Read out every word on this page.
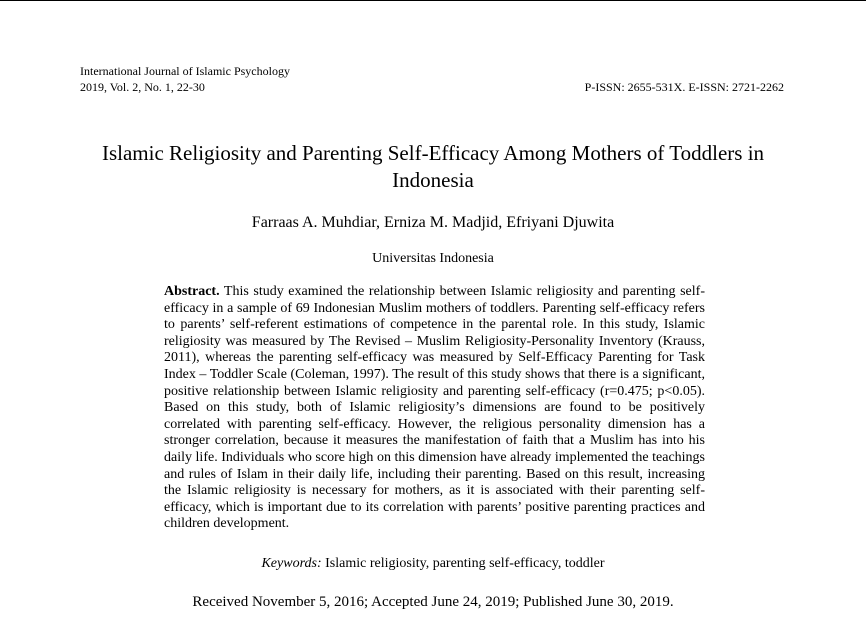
International Journal of Islamic Psychology
2019, Vol. 2, No. 1, 22-30	P-ISSN: 2655-531X. E-ISSN: 2721-2262
Islamic Religiosity and Parenting Self-Efficacy Among Mothers of Toddlers in Indonesia
Farraas A. Muhdiar, Erniza M. Madjid, Efriyani Djuwita
Universitas Indonesia

Abstract. This study examined the relationship between Islamic religiosity and parenting self-efficacy in a sample of 69 Indonesian Muslim mothers of toddlers. Parenting self-efficacy refers to parents’ self-referent estimations of competence in the parental role. In this study, Islamic religiosity was measured by The Revised – Muslim Religiosity-Personality Inventory (Krauss, 2011), whereas the parenting self-efficacy was measured by Self-Efficacy Parenting for Task Index – Toddler Scale (Coleman, 1997). The result of this study shows that there is a significant, positive relationship between Islamic religiosity and parenting self-efficacy (r=0.475; p<0.05). Based on this study, both of Islamic religiosity’s dimensions are found to be positively correlated with parenting self-efficacy. However, the religious personality dimension has a stronger correlation, because it measures the manifestation of faith that a Muslim has into his daily life. Individuals who score high on this dimension have already implemented the teachings and rules of Islam in their daily life, including their parenting. Based on this result, increasing the Islamic religiosity is necessary for mothers, as it is associated with their parenting self-efficacy, which is important due to its correlation with parents’ positive parenting practices and children development.

Keywords: Islamic religiosity, parenting self-efficacy, toddler
Received November 5, 2016; Accepted June 24, 2019; Published June 30, 2019.
